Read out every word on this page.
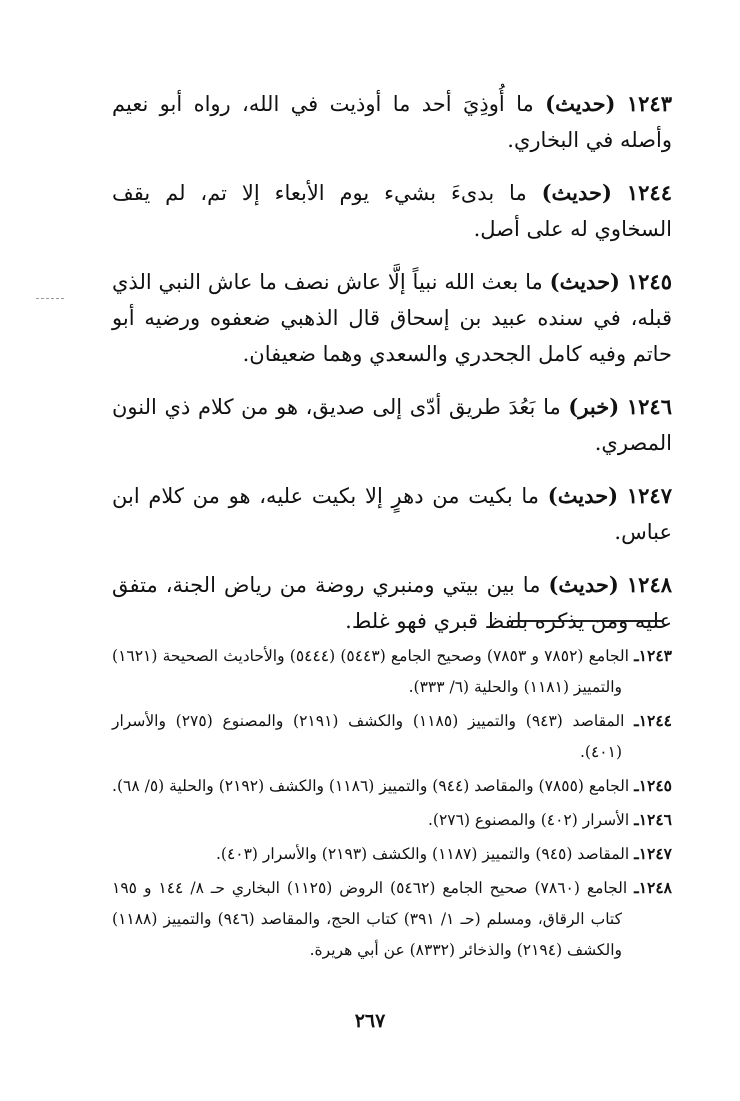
١٢٤٣ (حديث) ما أُوذِيَ أحد ما أوذيت في الله، رواه أبو نعيم وأصله في البخاري.

١٢٤٤ (حديث) ما بدىءَ بشيء يوم الأبعاء إلا تم، لم يقف السخاوي له على أصل.

١٢٤٥ (حديث) ما بعث الله نبياً إلَّا عاش نصف ما عاش النبي الذي قبله، في سنده عبيد بن إسحاق قال الذهبي ضعفوه ورضيه أبو حاتم وفيه كامل الجحدري والسعدي وهما ضعيفان.

١٢٤٦ (خبر) ما بَعُدَ طريق أدّى إلى صديق، هو من كلام ذي النون المصري.

١٢٤٧ (حديث) ما بكيت من دهرٍ إلا بكيت عليه، هو من كلام ابن عباس.

١٢٤٨ (حديث) ما بين بيتي ومنبري روضة من رياض الجنة، متفق عليه ومن يذكره بلفظ قبري فهو غلط.

١٢٤٣ـ الجامع (٧٨٥٢ و ٧٨٥٣) وصحيح الجامع (٥٤٤٣) (٥٤٤٤) والأحاديث الصحيحة (١٦٢١) والتمييز (١١٨١) والحلية (٦/ ٣٣٣).

١٢٤٤ـ المقاصد (٩٤٣) والتمييز (١١٨٥) والكشف (٢١٩١) والمصنوع (٢٧٥) والأسرار (٤٠١).

١٢٤٥ـ الجامع (٧٨٥٥) والمقاصد (٩٤٤) والتمييز (١١٨٦) والكشف (٢١٩٢) والحلية (٥/ ٦٨).

١٢٤٦ـ الأسرار (٤٠٢) والمصنوع (٢٧٦).

١٢٤٧ـ المقاصد (٩٤٥) والتمييز (١١٨٧) والكشف (٢١٩٣) والأسرار (٤٠٣).

١٢٤٨ـ الجامع (٧٨٦٠) صحيح الجامع (٥٤٦٢) الروض (١١٢٥) البخاري حـ ٨/ ١٤٤ و ١٩٥ كتاب الرقاق، ومسلم (حـ ١/ ٣٩١) كتاب الحج، والمقاصد (٩٤٦) والتمييز (١١٨٨) والكشف (٢١٩٤) والذخائر (٨٣٣٢) عن أبي هريرة.

٢٦٧
